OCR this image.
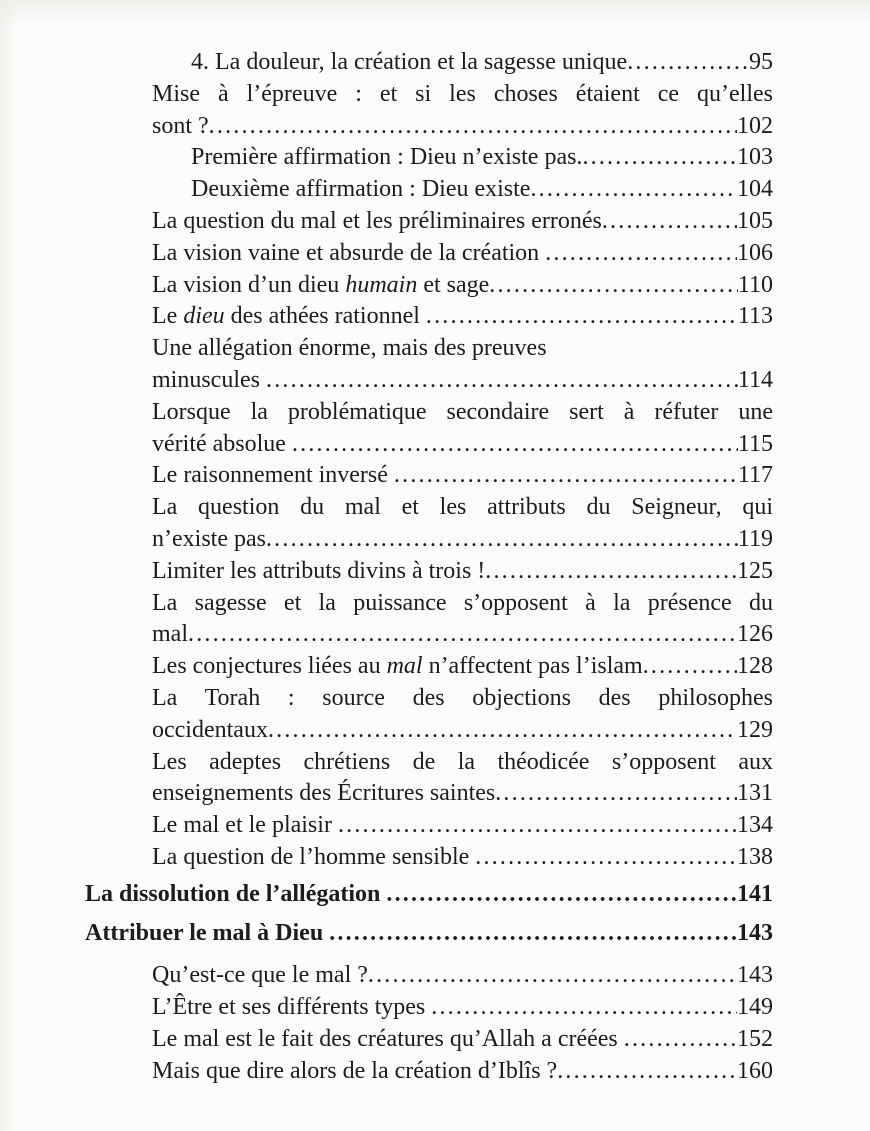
4. La douleur, la création et la sagesse unique .....	95
Mise à l’épreuve : et si les choses étaient ce qu’elles
sont ? .....	102
Première affirmation : Dieu n’existe pas. .....	103
Deuxième affirmation : Dieu existe .....	104
La question du mal et les préliminaires erronés .....	105
La vision vaine et absurde de la création .....	106
La vision d’un dieu humain et sage .....	110
Le dieu des athées rationnel .....	113
Une allégation énorme, mais des preuves
minuscules .....	114
Lorsque la problématique secondaire sert à réfuter une
vérité absolue .....	115
Le raisonnement inversé .....	117
La question du mal et les attributs du Seigneur, qui
n’existe pas .....	119
Limiter les attributs divins à trois ! .....	125
La sagesse et la puissance s’opposent à la présence du
mal .....	126
Les conjectures liées au mal n’affectent pas l’islam .....	128
La Torah : source des objections des philosophes
occidentaux .....	129
Les adeptes chrétiens de la théodicée s’opposent aux
enseignements des Écritures saintes .....	131
Le mal et le plaisir .....	134
La question de l’homme sensible .....	138
La dissolution de l’allégation .....	141
Attribuer le mal à Dieu .....	143
Qu’est-ce que le mal ? .....	143
L’Être et ses différents types .....	149
Le mal est le fait des créatures qu’Allah a créées .....	152
Mais que dire alors de la création d’Iblîs ? .....	160
